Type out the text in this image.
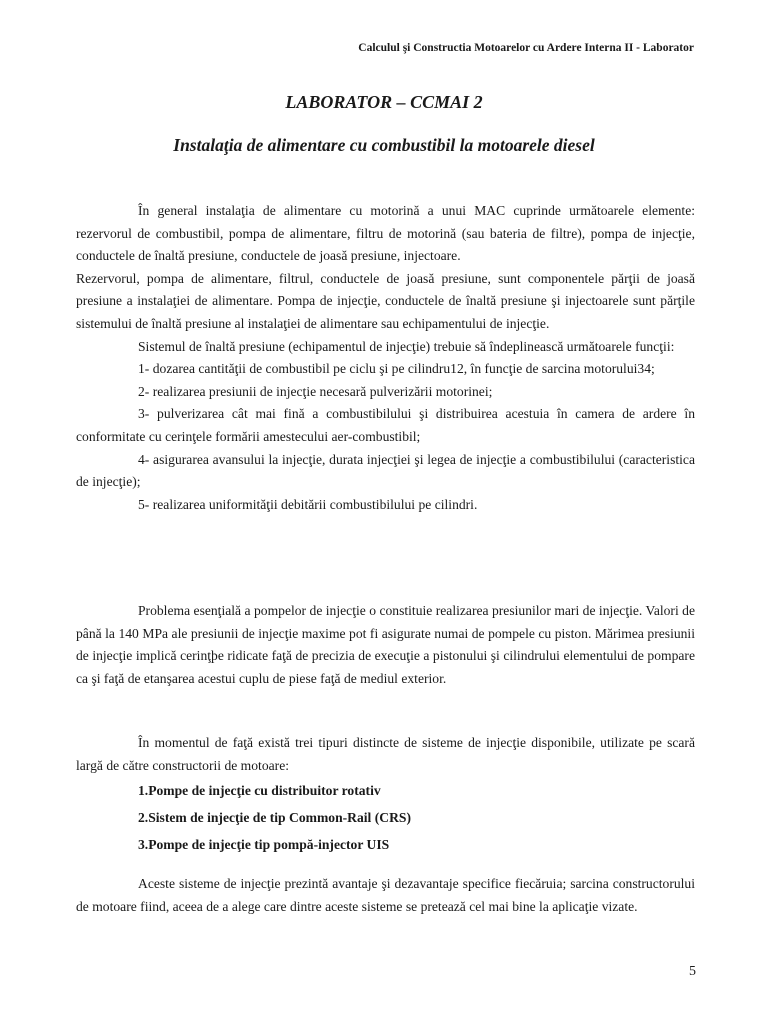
Calculul şi Constructia Motoarelor cu Ardere Interna II - Laborator
LABORATOR – CCMAI 2
Instalaţia de alimentare cu combustibil la motoarele diesel

În general instalaţia de alimentare cu motorină a unui MAC cuprinde următoarele elemente: rezervorul de combustibil, pompa de alimentare, filtru de motorină (sau bateria de filtre), pompa de injecţie, conductele de înaltă presiune, conductele de joasă presiune, injectoare.

Rezervorul, pompa de alimentare, filtrul, conductele de joasă presiune, sunt componentele părţii de joasă presiune a instalaţiei de alimentare. Pompa de injecţie, conductele de înaltă presiune şi injectoarele sunt părţile sistemului de înaltă presiune al instalaţiei de alimentare sau echipamentului de injecţie.

Sistemul de înaltă presiune (echipamentul de injecţie) trebuie să îndeplinească următoarele funcţii:

1- dozarea cantităţii de combustibil pe ciclu şi pe cilindru12, în funcţie de sarcina motorului34;

2- realizarea presiunii de injecţie necesară pulverizării motorinei;

3- pulverizarea cât mai fină a combustibilului şi distribuirea acestuia în camera de ardere în conformitate cu cerinţele formării amestecului aer-combustibil;

4- asigurarea avansului la injecţie, durata injecţiei şi legea de injecţie a combustibilului (caracteristica de injecţie);

5- realizarea uniformităţii debitării combustibilului pe cilindri.

Problema esenţială a pompelor de injecţie o constituie realizarea presiunilor mari de injecţie. Valori de până la 140 MPa ale presiunii de injecţie maxime pot fi asigurate numai de pompele cu piston. Mărimea presiunii de injecţie implică cerinţþe ridicate faţă de precizia de execuţie a pistonului şi cilindrului elementului de pompare ca şi faţă de etanşarea acestui cuplu de piese faţă de mediul exterior.

În momentul de faţă există trei tipuri distincte de sisteme de injecţie disponibile, utilizate pe scară largă de către constructorii de motoare:

1.Pompe de injecţie cu distribuitor rotativ

2.Sistem de injecţie de tip Common-Rail (CRS)

3.Pompe de injecţie tip pompă-injector UIS

Aceste sisteme de injecţie prezintă avantaje şi dezavantaje specifice fiecăruia; sarcina constructorului de motoare fiind, aceea de a alege care dintre aceste sisteme se pretează cel mai bine la aplicaţie vizate.

5
